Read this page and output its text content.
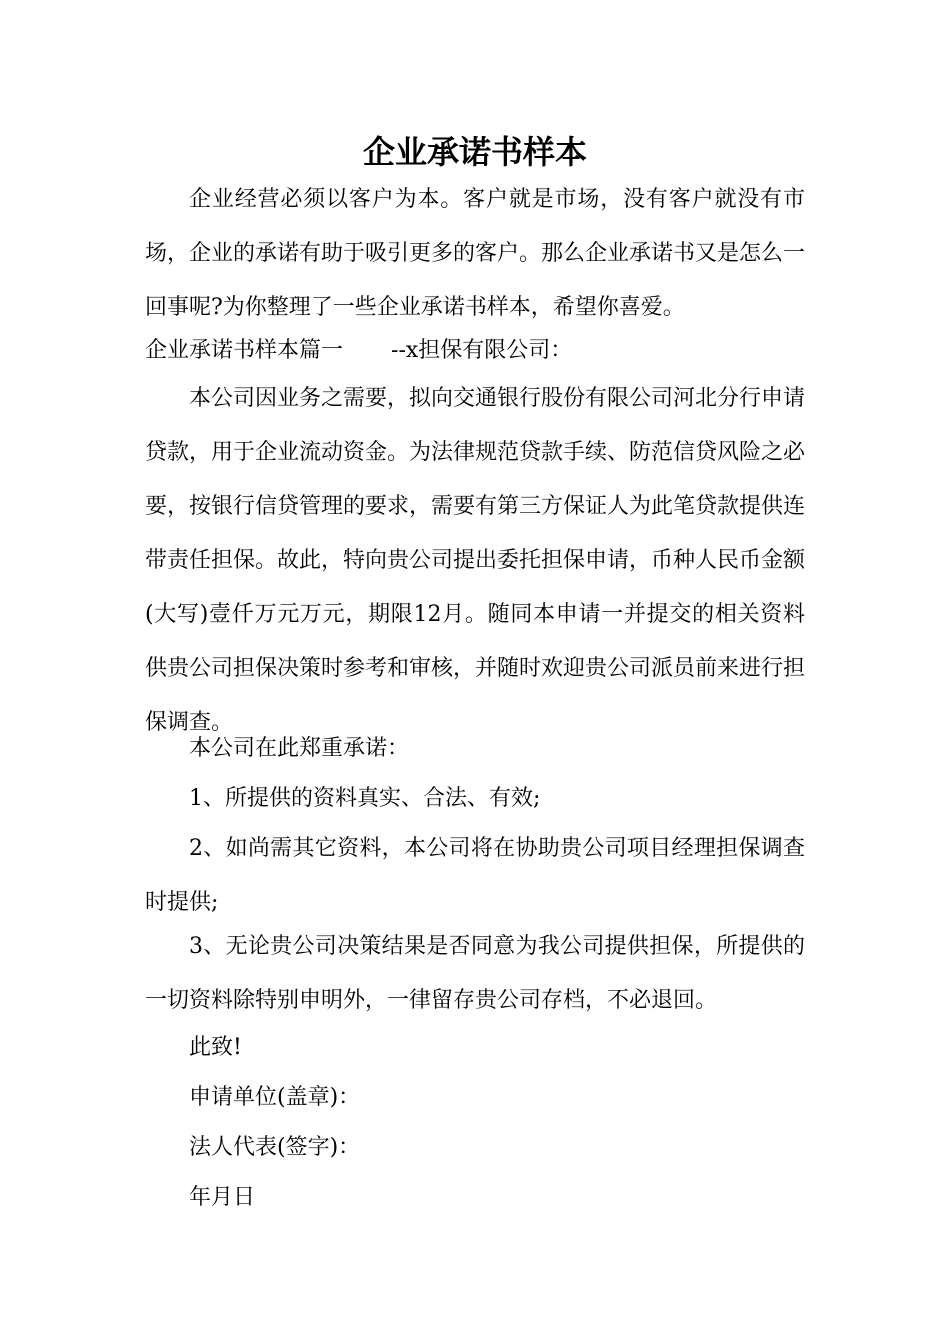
企业承诺书样本

企业经营必须以客户为本。客户就是市场，没有客户就没有市场，企业的承诺有助于吸引更多的客户。那么企业承诺书又是怎么一回事呢?为你整理了一些企业承诺书样本，希望你喜爱。

企业承诺书样本篇一 --x担保有限公司：

本公司因业务之需要，拟向交通银行股份有限公司河北分行申请贷款，用于企业流动资金。为法律规范贷款手续、防范信贷风险之必要，按银行信贷管理的要求，需要有第三方保证人为此笔贷款提供连带责任担保。故此，特向贵公司提出委托担保申请，币种人民币金额(大写)壹仟万元万元，期限12月。随同本申请一并提交的相关资料供贵公司担保决策时参考和审核，并随时欢迎贵公司派员前来进行担保调查。

本公司在此郑重承诺：

1、所提供的资料真实、合法、有效;

2、如尚需其它资料，本公司将在协助贵公司项目经理担保调查时提供;

3、无论贵公司决策结果是否同意为我公司提供担保，所提供的一切资料除特别申明外，一律留存贵公司存档，不必退回。

此致!

申请单位(盖章)：

法人代表(签字)：

年月日
